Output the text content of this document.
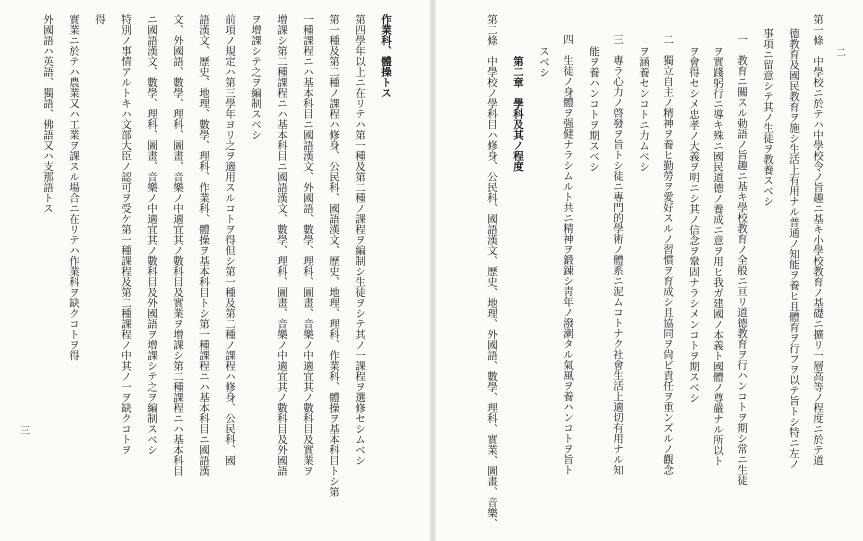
二
第一條　中學校ニ於テハ中學校令ノ旨趣ニ基キ小學校教育ノ基礎ニ擴リ一層高等ノ程度ニ於テ道
德教育及國民教育ヲ施シ生活上有用ナル普通ノ知能ヲ養ヒ且體育ヲ行フヲ以テ旨トシ特ニ左ノ
事項ニ留意シテ其ノ生徒ヲ教養スベシ
一　教育ニ關スル勅語ノ旨趣ニ基キ學校教育ノ全般ニ亘リ道德教育ヲ行ハンコトヲ期シ常ニ生徒
ヲ實踐躬行ニ導キ殊ニ國民道德ノ養成ニ意ヲ用ヒ我ガ建國ノ本義ト國體ノ尊嚴ナル所以ト
ヲ會得セシメ忠孝ノ大義ヲ明ニシ其ノ信念ヲ鞏固ナラシメンコトヲ期スベシ
二　獨立自主ノ精神ヲ養ヒ勤勞ヲ愛好スルノ習慣ヲ育成シ且協同ヲ尙ビ責任ヲ重ンズルノ觀念
ヲ涵養センコトニ力ムベシ
三　專ラ心力ノ啓發ヲ旨トシ徒ニ專門的學術ノ體系ニ泥ムコトナク社會生活上適切有用ナル知
能ヲ養ハンコトヲ期スベシ
四　生徒ノ身體ヲ强健ナラシムルト共ニ精神ヲ鍛錬シ靑年ノ潑溂タル氣風ヲ養ハンコトヲ旨ト
スベシ
第二章　學科及其ノ程度
第二條　中學校ノ學科目ハ修身、公民科、國語漢文、歷史、地理、外國語、數學、理科、實業、圖畫、音樂、
作業科、體操トス
第四學年以上ニ在リテハ第一種及第二種ノ課程ヲ編制シ生徒ヲシテ其ノ一課程ヲ選修セシムベシ
第一種及第二種ノ課程ハ修身、公民科、國語漢文、歷史、地理、理科、作業科、體操ヲ基本科目トシ第
一種課程ニハ基本科目ニ國語漢文、外國語、數學、理科、圖畫、音樂ノ中適宜其ノ數科目及實業ヲ
增課シ第二種課程ニハ基本科目ニ國語漢文、數學、理科、圖畫、音樂ノ中適宜其ノ數科目及外國語
ヲ增課シテ之ヲ編制スベシ
前項ノ規定ハ第三學年ヨリ之ヲ適用スルコトヲ得但シ第一種及第二種ノ課程ハ修身、公民科、國
語漢文、歷史、地理、數學、理科、作業科、體操ヲ基本科目トシ第一種課程ニハ基本科目ニ國語漢
文、外國語、數學、理科、圖畫、音樂ノ中適宜其ノ數科目及實業ヲ增課シ第二種課程ニハ基本科目
ニ國語漢文、數學、理科、圖畫、音樂ノ中適宜其ノ數科目及外國語ヲ增課シテ之ヲ編制スベシ
特別ノ事情アルトキハ文部大臣ノ認可ヲ受ケ第一種課程及第二種課程ノ中其ノ一ヲ缺クコトヲ
得
實業ニ於テハ農業又ハ工業ヲ課スル場合ニ在リテハ作業科ヲ缺クコトヲ得
外國語ハ英語、獨語、佛語又ハ支那語トス
三
